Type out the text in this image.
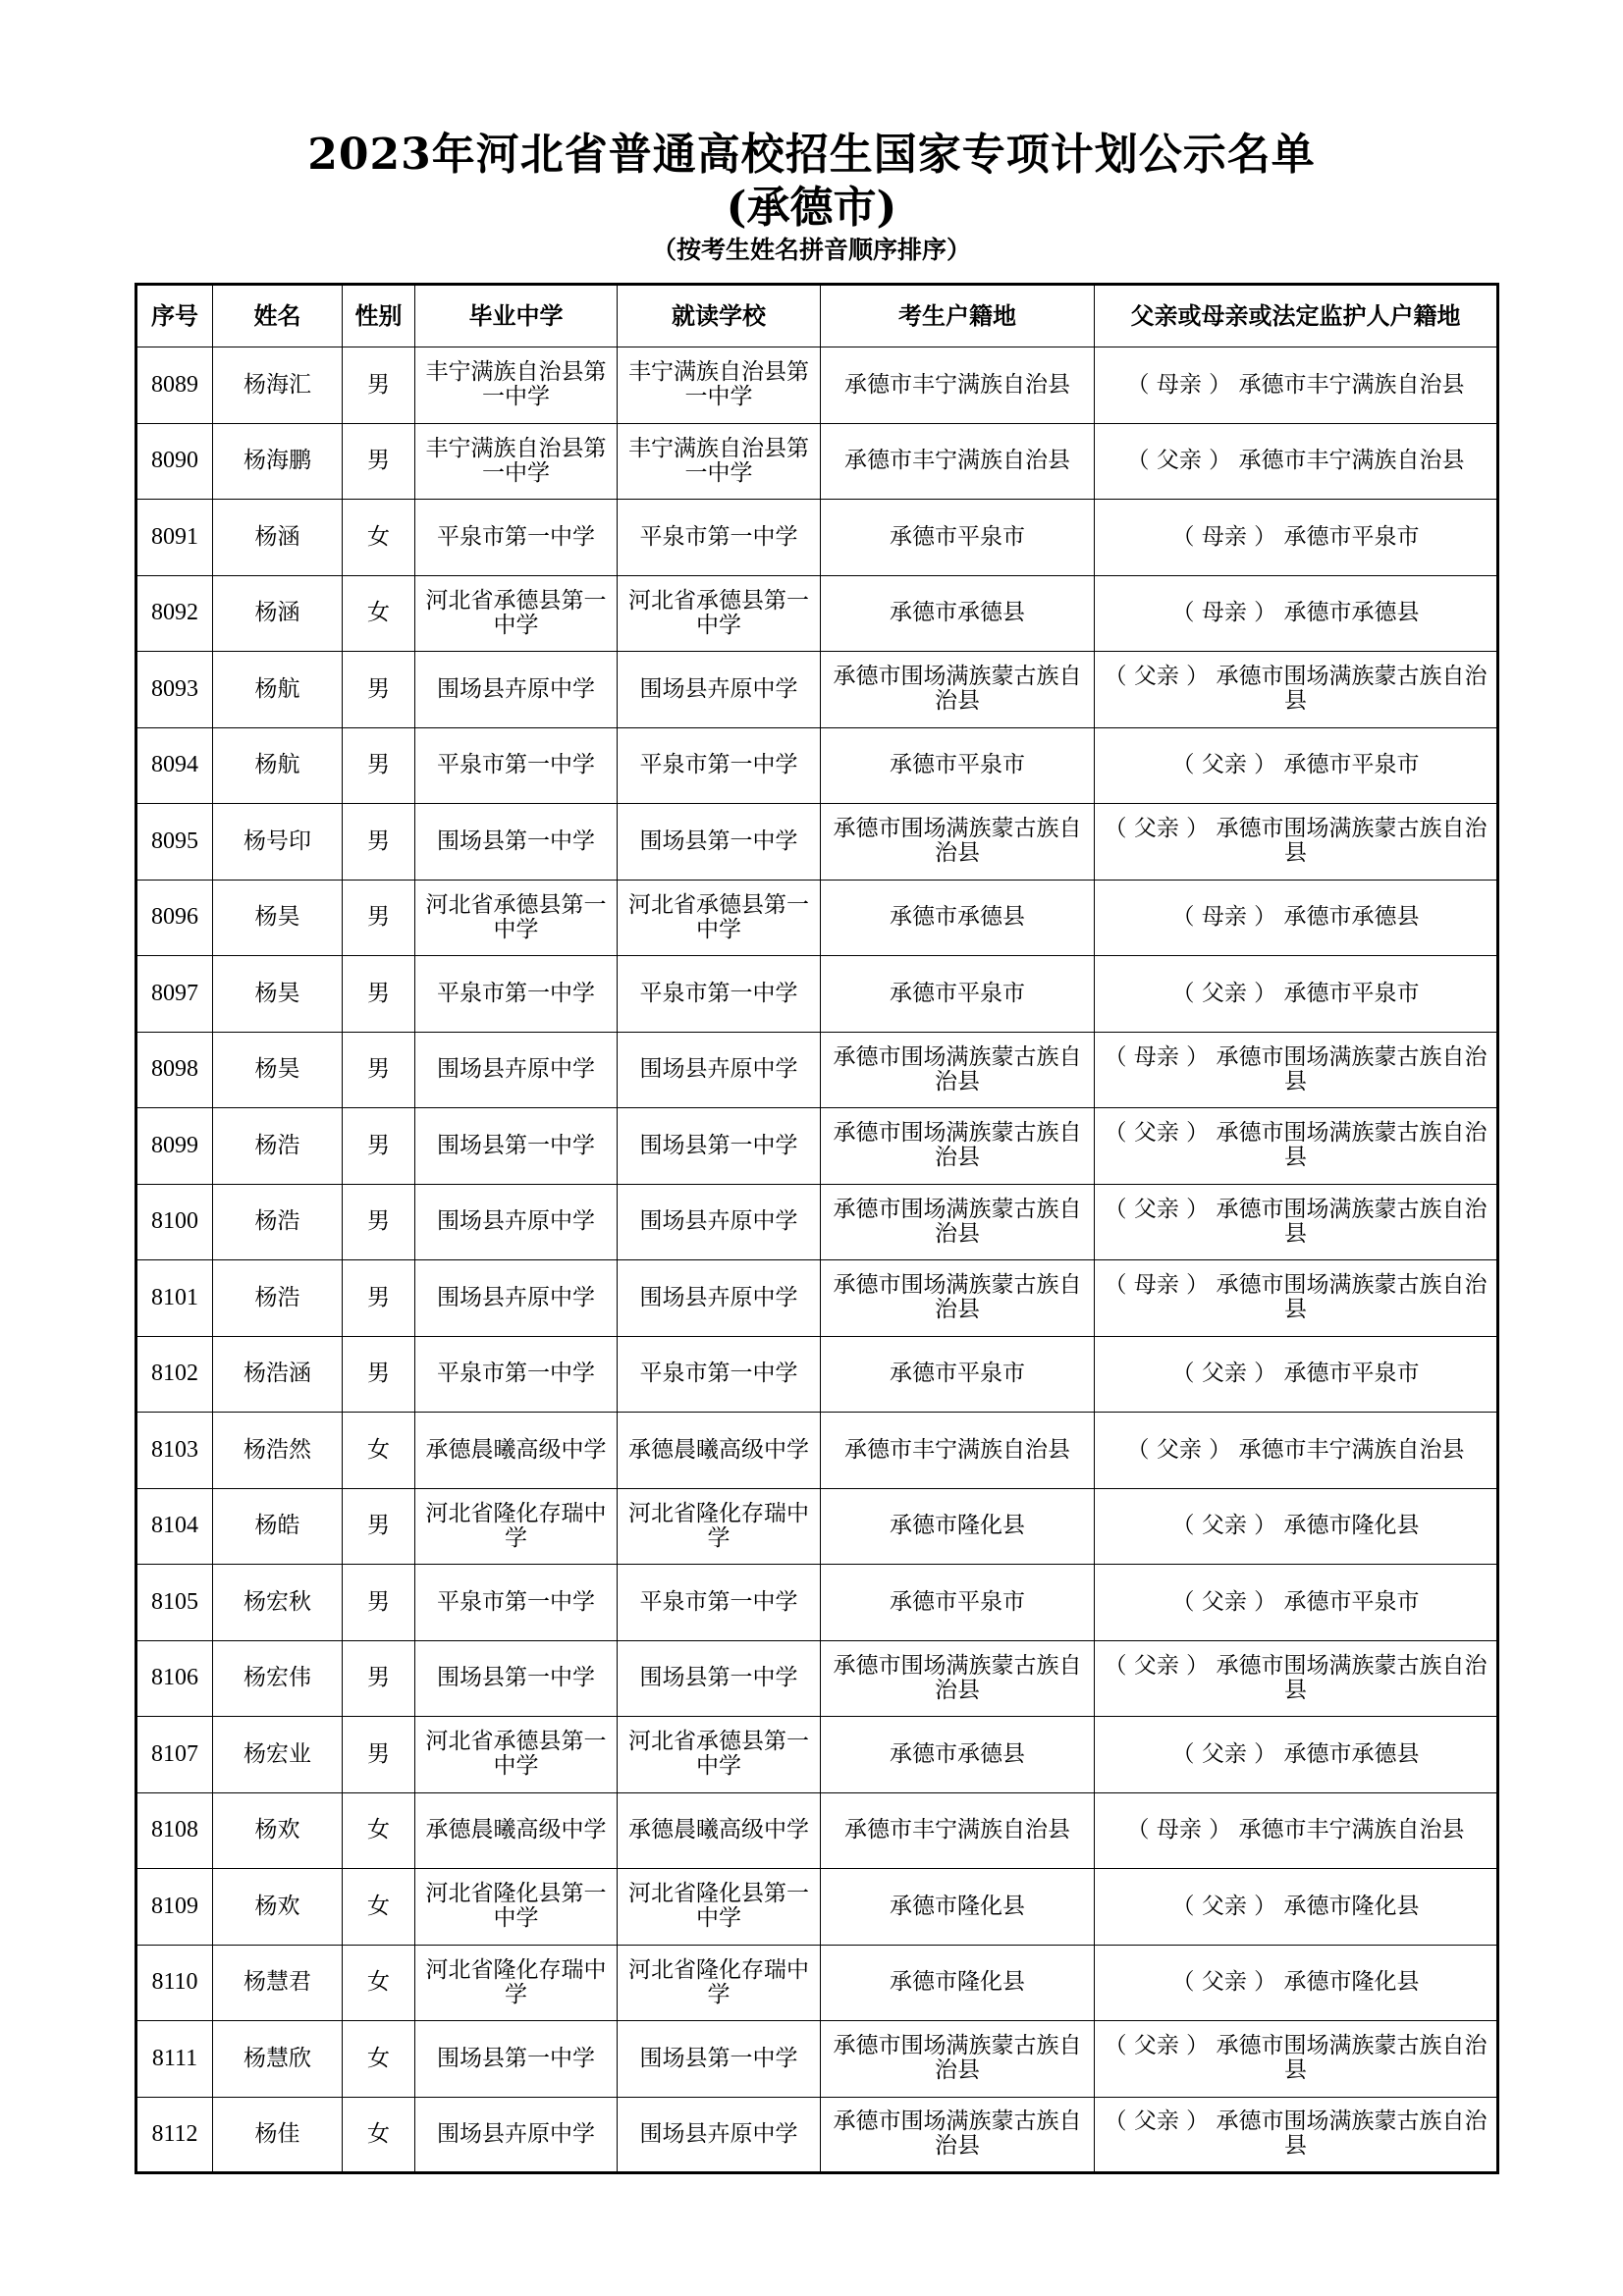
2023年河北省普通高校招生国家专项计划公示名单
(承德市)
（按考生姓名拼音顺序排序）
序号	姓名	性别	毕业中学	就读学校	考生户籍地	父亲或母亲或法定监护人户籍地
8089	杨海汇	男	丰宁满族自治县第一中学	丰宁满族自治县第一中学	承德市丰宁满族自治县	（ 母亲 ） 承德市丰宁满族自治县
8090	杨海鹏	男	丰宁满族自治县第一中学	丰宁满族自治县第一中学	承德市丰宁满族自治县	（ 父亲 ） 承德市丰宁满族自治县
8091	杨涵	女	平泉市第一中学	平泉市第一中学	承德市平泉市	（ 母亲 ） 承德市平泉市
8092	杨涵	女	河北省承德县第一中学	河北省承德县第一中学	承德市承德县	（ 母亲 ） 承德市承德县
8093	杨航	男	围场县卉原中学	围场县卉原中学	承德市围场满族蒙古族自治县	（ 父亲 ） 承德市围场满族蒙古族自治县
8094	杨航	男	平泉市第一中学	平泉市第一中学	承德市平泉市	（ 父亲 ） 承德市平泉市
8095	杨号印	男	围场县第一中学	围场县第一中学	承德市围场满族蒙古族自治县	（ 父亲 ） 承德市围场满族蒙古族自治县
8096	杨昊	男	河北省承德县第一中学	河北省承德县第一中学	承德市承德县	（ 母亲 ） 承德市承德县
8097	杨昊	男	平泉市第一中学	平泉市第一中学	承德市平泉市	（ 父亲 ） 承德市平泉市
8098	杨昊	男	围场县卉原中学	围场县卉原中学	承德市围场满族蒙古族自治县	（ 母亲 ） 承德市围场满族蒙古族自治县
8099	杨浩	男	围场县第一中学	围场县第一中学	承德市围场满族蒙古族自治县	（ 父亲 ） 承德市围场满族蒙古族自治县
8100	杨浩	男	围场县卉原中学	围场县卉原中学	承德市围场满族蒙古族自治县	（ 父亲 ） 承德市围场满族蒙古族自治县
8101	杨浩	男	围场县卉原中学	围场县卉原中学	承德市围场满族蒙古族自治县	（ 母亲 ） 承德市围场满族蒙古族自治县
8102	杨浩涵	男	平泉市第一中学	平泉市第一中学	承德市平泉市	（ 父亲 ） 承德市平泉市
8103	杨浩然	女	承德晨曦高级中学	承德晨曦高级中学	承德市丰宁满族自治县	（ 父亲 ） 承德市丰宁满族自治县
8104	杨皓	男	河北省隆化存瑞中学	河北省隆化存瑞中学	承德市隆化县	（ 父亲 ） 承德市隆化县
8105	杨宏秋	男	平泉市第一中学	平泉市第一中学	承德市平泉市	（ 父亲 ） 承德市平泉市
8106	杨宏伟	男	围场县第一中学	围场县第一中学	承德市围场满族蒙古族自治县	（ 父亲 ） 承德市围场满族蒙古族自治县
8107	杨宏业	男	河北省承德县第一中学	河北省承德县第一中学	承德市承德县	（ 父亲 ） 承德市承德县
8108	杨欢	女	承德晨曦高级中学	承德晨曦高级中学	承德市丰宁满族自治县	（ 母亲 ） 承德市丰宁满族自治县
8109	杨欢	女	河北省隆化县第一中学	河北省隆化县第一中学	承德市隆化县	（ 父亲 ） 承德市隆化县
8110	杨慧君	女	河北省隆化存瑞中学	河北省隆化存瑞中学	承德市隆化县	（ 父亲 ） 承德市隆化县
8111	杨慧欣	女	围场县第一中学	围场县第一中学	承德市围场满族蒙古族自治县	（ 父亲 ） 承德市围场满族蒙古族自治县
8112	杨佳	女	围场县卉原中学	围场县卉原中学	承德市围场满族蒙古族自治县	（ 父亲 ） 承德市围场满族蒙古族自治县
